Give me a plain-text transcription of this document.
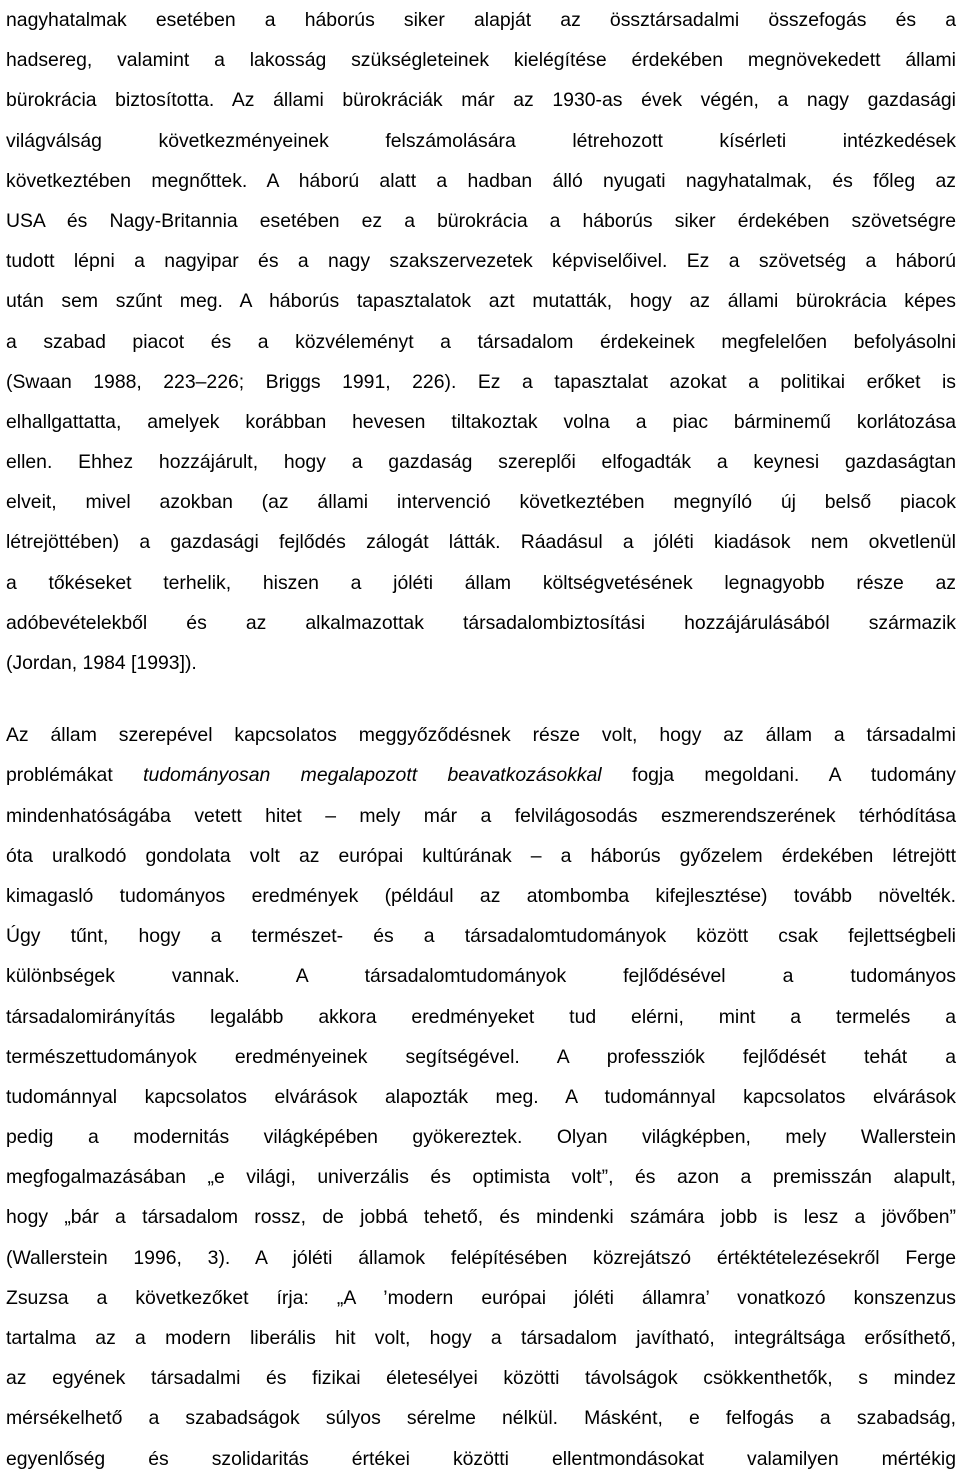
nagyhatalmak esetében a háborús siker alapját az össztársadalmi összefogás és a
hadsereg, valamint a lakosság szükségleteinek kielégítése érdekében megnövekedett állami
bürokrácia biztosította. Az állami bürokráciák már az 1930-as évek végén, a nagy gazdasági
világválság következményeinek felszámolására létrehozott kísérleti intézkedések
következtében megnőttek. A háború alatt a hadban álló nyugati nagyhatalmak, és főleg az
USA és Nagy-Britannia esetében ez a bürokrácia a háborús siker érdekében szövetségre
tudott lépni a nagyipar és a nagy szakszervezetek képviselőivel. Ez a szövetség a háború
után sem szűnt meg. A háborús tapasztalatok azt mutatták, hogy az állami bürokrácia képes
a szabad piacot és a közvéleményt a társadalom érdekeinek megfelelően befolyásolni
(Swaan 1988, 223‒226; Briggs 1991, 226). Ez a tapasztalat azokat a politikai erőket is
elhallgattatta, amelyek korábban hevesen tiltakoztak volna a piac bárminemű korlátozása
ellen. Ehhez hozzájárult, hogy a gazdaság szereplői elfogadták a keynesi gazdaságtan
elveit, mivel azokban (az állami intervenció következtében megnyíló új belső piacok
létrejöttében) a gazdasági fejlődés zálogát látták. Ráadásul a jóléti kiadások nem okvetlenül
a tőkéseket terhelik, hiszen a jóléti állam költségvetésének legnagyobb része az
adóbevételekből és az alkalmazottak társadalombiztosítási hozzájárulásából származik
(Jordan, 1984 [1993]).
Az állam szerepével kapcsolatos meggyőződésnek része volt, hogy az állam a társadalmi
problémákat tudományosan megalapozott beavatkozásokkal fogja megoldani. A tudomány
mindenhatóságába vetett hitet ‒ mely már a felvilágosodás eszmerendszerének térhódítása
óta uralkodó gondolata volt az európai kultúrának ‒ a háborús győzelem érdekében létrejött
kimagasló tudományos eredmények (például az atombomba kifejlesztése) tovább növelték.
Úgy tűnt, hogy a természet- és a társadalomtudományok között csak fejlettségbeli
különbségek vannak. A társadalomtudományok fejlődésével a tudományos
társadalomirányítás legalább akkora eredményeket tud elérni, mint a termelés a
természettudományok eredményeinek segítségével. A professziók fejlődését tehát a
tudománnyal kapcsolatos elvárások alapozták meg. A tudománnyal kapcsolatos elvárások
pedig a modernitás világképében gyökereztek. Olyan világképben, mely Wallerstein
megfogalmazásában „e világi, univerzális és optimista volt”, és azon a premisszán alapult,
hogy „bár a társadalom rossz, de jobbá tehető, és mindenki számára jobb is lesz a jövőben”
(Wallerstein 1996, 3). A jóléti államok felépítésében közrejátszó értéktételezésekről Ferge
Zsuzsa a következőket írja: „A ’modern európai jóléti államra’ vonatkozó konszenzus
tartalma az a modern liberális hit volt, hogy a társadalom javítható, integráltsága erősíthető,
az egyének társadalmi és fizikai életesélyei közötti távolságok csökkenthetők, s mindez
mérsékelhető a szabadságok súlyos sérelme nélkül. Másként, e felfogás a szabadság,
egyenlőség és szolidaritás értékei közötti ellentmondásokat valamilyen mértékig
